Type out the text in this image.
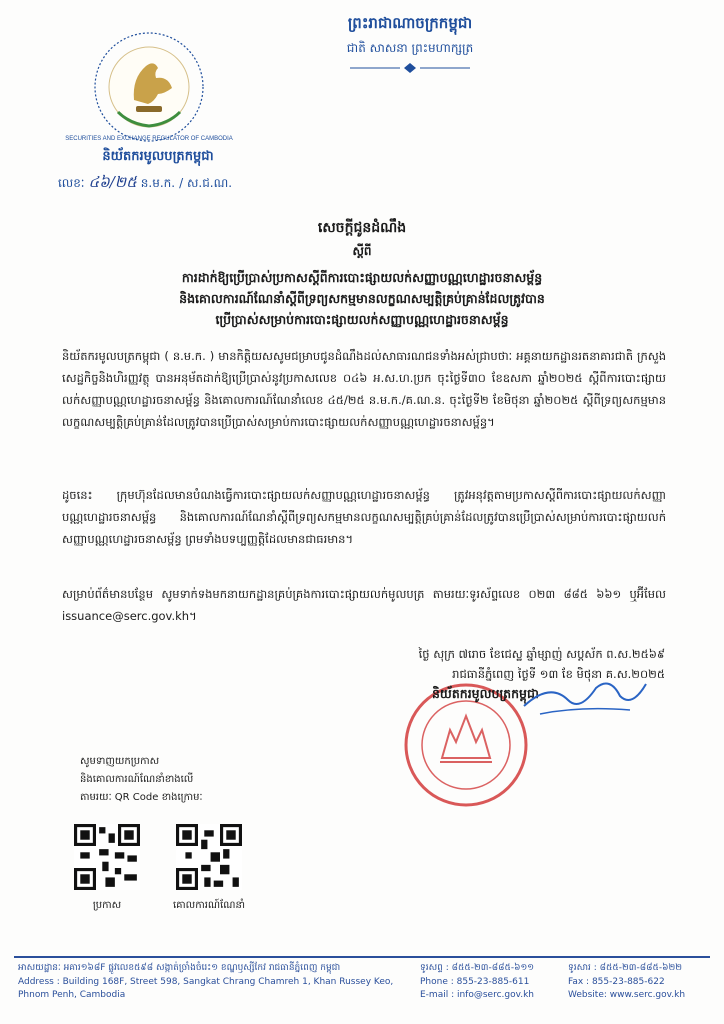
SECURITIES AND EXCHANGE REGULATOR OF CAMBODIA
និយ័តករមូលបត្រកម្ពុជា
លេខៈ ៤៦/២៥ ន.ម.ក. / ស.ជ.ណ.
ព្រះរាជាណាចក្រកម្ពុជា
ជាតិ សាសនា ព្រះមហាក្សត្រ
សេចក្តីជូនដំណឹង
ស្តីពី
ការដាក់ឱ្យប្រើប្រាស់ប្រកាសស្តីពីការបោះផ្សាយលក់សញ្ញាបណ្ណហេដ្ឋារចនាសម្ព័ន្ធ
និងគោលការណ៍ណែនាំស្តីពីទ្រព្យសកម្មមានលក្ខណសម្បត្តិគ្រប់គ្រាន់ដែលត្រូវបាន
ប្រើប្រាស់សម្រាប់ការបោះផ្សាយលក់សញ្ញាបណ្ណហេដ្ឋារចនាសម្ព័ន្ធ
និយ័តករមូលបត្រកម្ពុជា ( ន.ម.ក. ) មានកិត្តិយសសូមជម្រាបជូនដំណឹងដល់សាធារណជនទាំងអស់ជ្រាបថាៈ អគ្គនាយកដ្ឋានរតនាគារជាតិ ក្រសួងសេដ្ឋកិច្ចនិងហិរញ្ញវត្ថុ បានអនុម័តដាក់ឱ្យប្រើប្រាស់នូវប្រកាសលេខ ០៤៦ អ.ស.ហ.ប្រក ចុះថ្ងៃទី៣០ ខែឧសភា ឆ្នាំ២០២៥ ស្តីពីការបោះផ្សាយលក់សញ្ញាបណ្ណហេដ្ឋារចនាសម្ព័ន្ធ និងគោលការណ៍ណែនាំលេខ ៤៥/២៥ ន.ម.ក./គ.ណ.ន. ចុះថ្ងៃទី២ ខែមិថុនា ឆ្នាំ២០២៥ ស្តីពីទ្រព្យសកម្មមានលក្ខណសម្បត្តិគ្រប់គ្រាន់ដែលត្រូវបានប្រើប្រាស់សម្រាប់ការបោះផ្សាយលក់សញ្ញាបណ្ណហេដ្ឋារចនាសម្ព័ន្ធ។
ដូចនេះ ក្រុមហ៊ុនដែលមានបំណងធ្វើការបោះផ្សាយលក់សញ្ញាបណ្ណហេដ្ឋារចនាសម្ព័ន្ធ ត្រូវអនុវត្តតាមប្រកាសស្តីពីការបោះផ្សាយលក់សញ្ញាបណ្ណហេដ្ឋារចនាសម្ព័ន្ធ និងគោលការណ៍ណែនាំស្តីពីទ្រព្យសកម្មមានលក្ខណសម្បត្តិគ្រប់គ្រាន់ដែលត្រូវបានប្រើប្រាស់សម្រាប់ការបោះផ្សាយលក់សញ្ញាបណ្ណហេដ្ឋារចនាសម្ព័ន្ធ ព្រមទាំងបទប្បញ្ញត្តិដែលមានជាធរមាន។
សម្រាប់ព័ត៌មានបន្ថែម សូមទាក់ទងមកនាយកដ្ឋានគ្រប់គ្រងការបោះផ្សាយលក់មូលបត្រ តាមរយៈទូរស័ព្ទលេខ ០២៣ ៨៨៥ ៦៦១ ឬអ៊ីមែល issuance@serc.gov.kh។
ថ្ងៃ សុក្រ ៧រោច ខែជេស្ឋ ឆ្នាំម្សាញ់ សប្តស័ក ព.ស.២៥៦៩
រាជធានីភ្នំពេញ ថ្ងៃទី ១៣ ខែ មិថុនា គ.ស.២០២៥
និយ័តករមូលបត្រកម្ពុជា
សូមទាញយកប្រកាស
និងគោលការណ៍ណែនាំខាងលើ
តាមរយៈ QR Code ខាងក្រោមៈ
ប្រកាស	គោលការណ៍ណែនាំ
អាសយដ្ឋានៈ អគារ១៦៨F ផ្លូវលេខ៥៩៨ សង្កាត់ច្រាំងចំរេះ១ ខណ្ឌឫស្សីកែវ រាជធានីភ្នំពេញ កម្ពុជា
Address : Building 168F, Street 598, Sangkat Chrang Chamreh 1, Khan Russey Keo,
Phnom Penh, Cambodia
ទូរសព្ទ : ៨៥៥-២៣-៨៨៥-៦១១
Phone : 855-23-885-611
E-mail : info@serc.gov.kh
ទូរសារ : ៨៥៥-២៣-៨៨៥-៦២២
Fax : 855-23-885-622
Website: www.serc.gov.kh
